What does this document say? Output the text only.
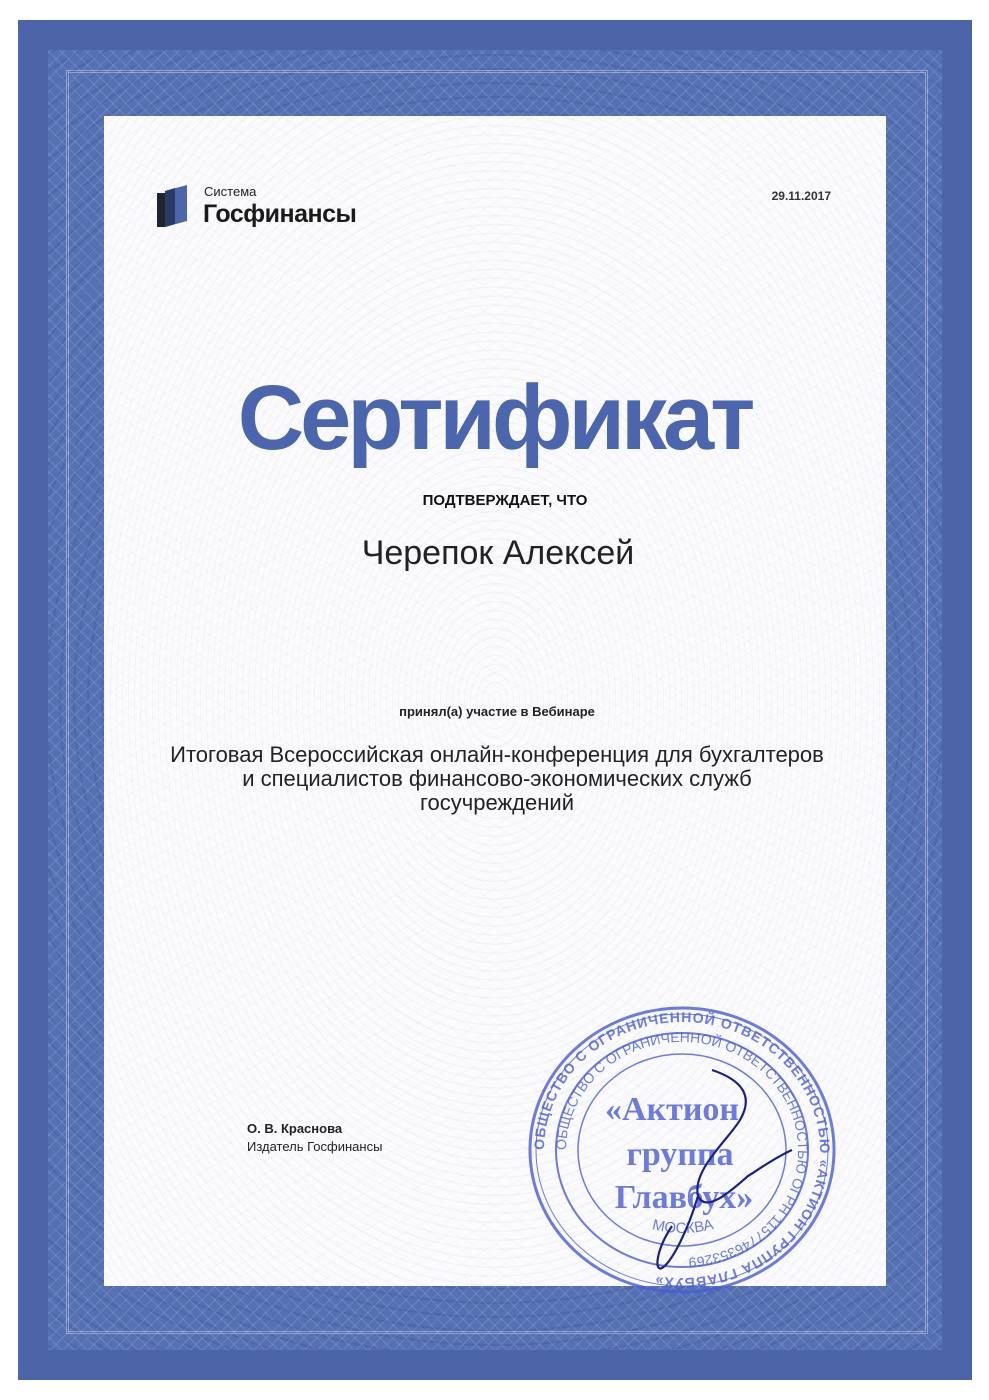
Система
Госфинансы
29.11.2017
Сертификат
ПОДТВЕРЖДАЕТ, ЧТО
Черепок Алексей
принял(а) участие в Вебинаре
Итоговая Всероссийская онлайн-конференция для бухгалтеров и специалистов финансово-экономических служб госучреждений
О. В. Краснова
Издатель Госфинансы	ОБЩЕСТВО С ОГРАНИЧЕННОЙ ОТВЕТСТВЕННОСТЬЮ «АКТИОН ГРУППА ГЛАВБУХ»
ОБЩЕСТВО С ОГРАНИЧЕННОЙ ОТВЕТСТВЕННОСТЬЮ ОГРН 1157746353269
МОСКВА
«Актион
группа
Главбух»
